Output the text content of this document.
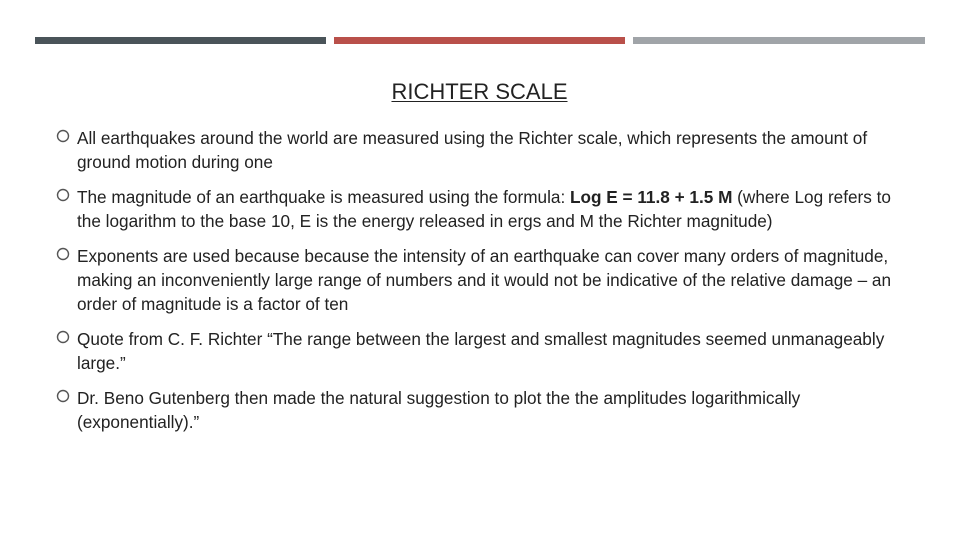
RICHTER SCALE
All earthquakes around the world are measured using the Richter scale, which represents the amount of ground motion during one
The magnitude of an earthquake is measured using the formula: Log E = 11.8 + 1.5 M (where Log refers to the logarithm to the base 10, E is the energy released in ergs and M the Richter magnitude)
Exponents are used because because the intensity of an earthquake can cover many orders of magnitude, making an inconveniently large range of numbers and it would not be indicative of the relative damage – an order of magnitude is a factor of ten
Quote from C. F. Richter “The range between the largest and smallest magnitudes seemed unmanageably large.”
Dr. Beno Gutenberg then made the natural suggestion to plot the the amplitudes logarithmically (exponentially).”
